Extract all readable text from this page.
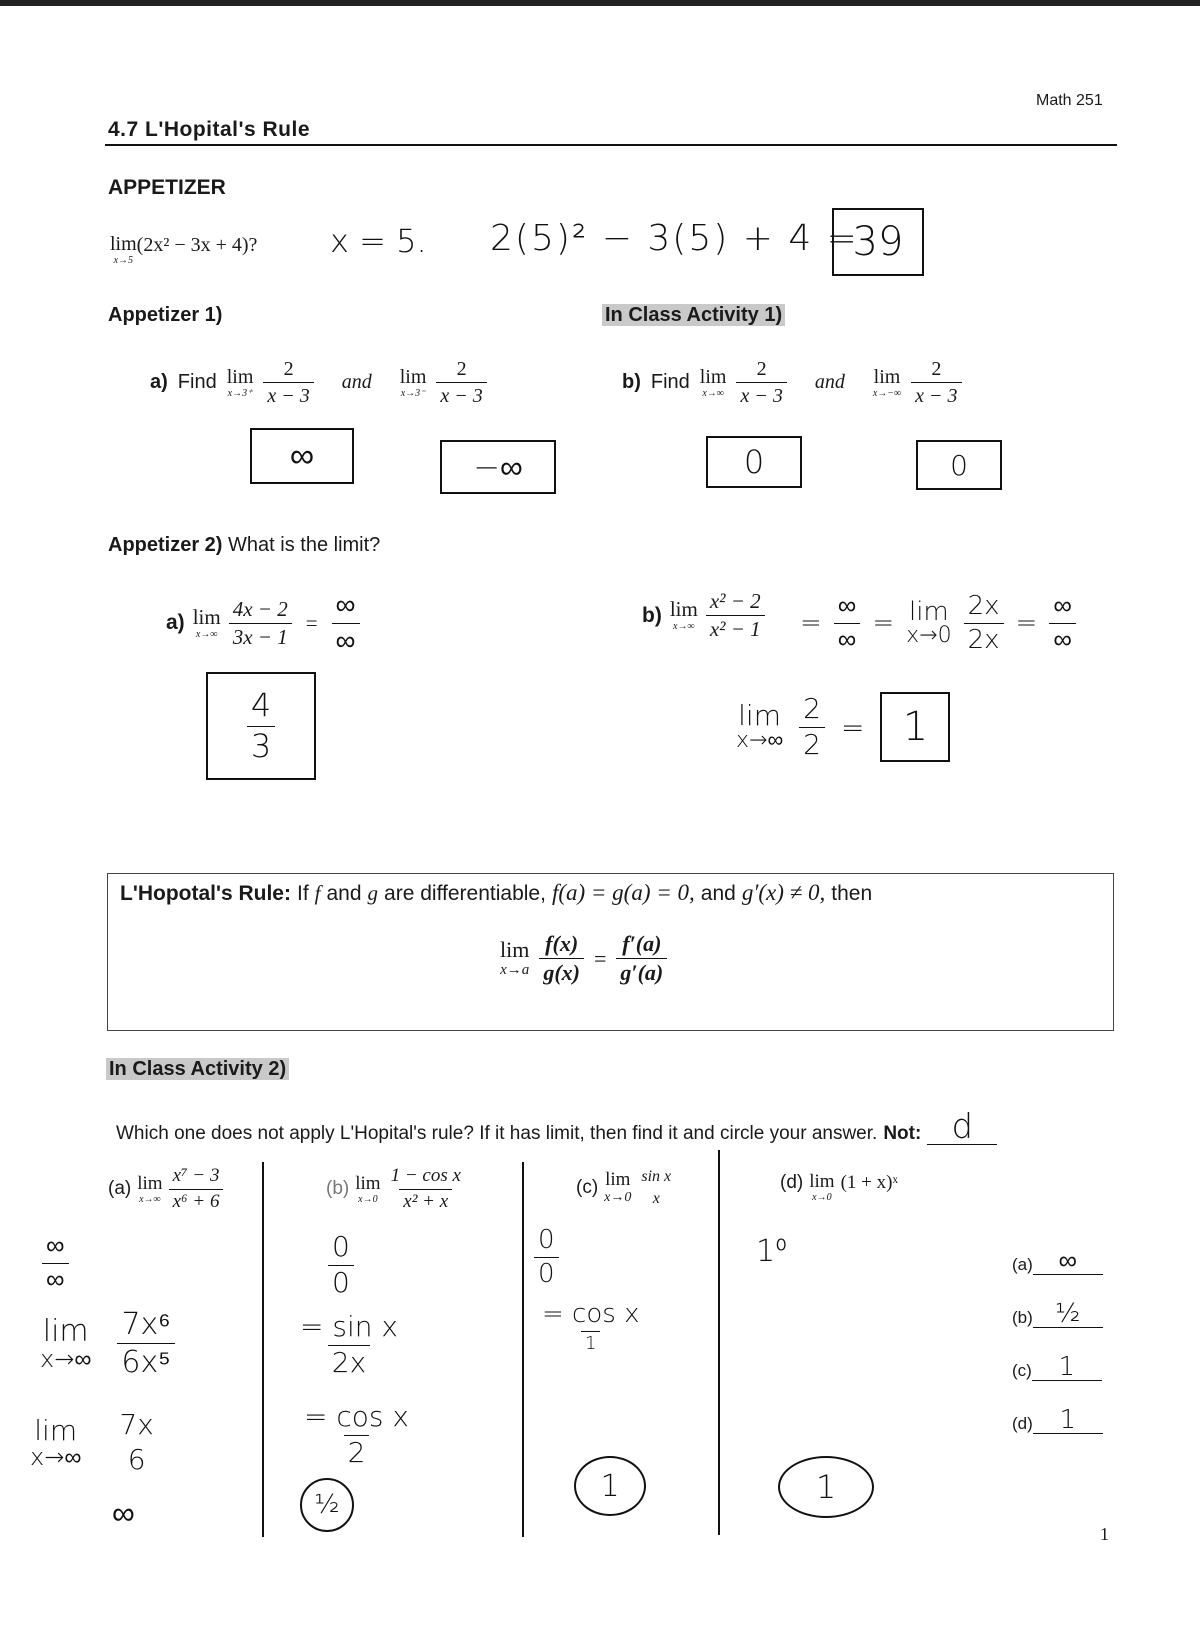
Math 251
4.7 L'Hopital's Rule
APPETIZER
lim
x→5
(2x² − 3x + 4)? x = 5. 2(5)² − 3(5) + 4 =
39
Appetizer 1)	In Class Activity 1)
a) Find lim
$x\to 3^+ \frac{2}{x - 3}$ and lim
$x\to 3^- \frac{2}{x - 3}$	b) Find lim
$x\to\infty \frac{2}{x - 3}$ and lim
$x\to-\infty \frac{2}{x - 3}$
∞	−∞	0	0
Appetizer 2) What is the limit?
a) lim
$x\to\infty \frac{4x - 2}{3x - 1} = \frac{\infty}{\infty}$
$\frac{4}{3}$
b) lim
$x\to\infty \frac{\text{x² − 2}}{\text{x² − 1}} = \frac{\infty}{\infty} = \lim$
$x\to 0 \frac{2x}{2x} = \frac{\infty}{\infty}$
lim
$x\to\infty \frac{2}{2} = 1$
L'Hopotal's Rule: If f and g are differentiable, f(a) = g(a) = 0, and g′(x) ≠ 0, then
lim
$x\to a \frac{f(x)}{g(x)} = \frac{f'(a)}{g'(a)}$
In Class Activity 2)
Which one does not apply L'Hopital's rule? If it has limit, then find it and circle your answer. Not: d
(a) lim
$x\to\infty \frac{\text{x⁷ − 3}}{\text{x⁶ + 6}}$	(b) lim
$x\to 0 \frac{\text{1 − cos x}}{\text{x² + x}}$	(c) lim
x→0
sin x
x
(d) lim
x→0
(1 + x)ˣ
$\frac{\infty}{\infty}$
lim
$x\to\infty \frac{\text{7x⁶}}{\text{6x⁵}}$
lim
x→∞
7x
6
∞
$\frac{0}{0}$
$\frac{\text{= sin x}}{2x}$
$\frac{\text{= cos x}}{2}$
½
$\frac{0}{0}$
$\frac{\text{= cos x}}{1}$
1
1⁰
1
(a) ∞
(b) ½
(c)	1
(d)	1
1
